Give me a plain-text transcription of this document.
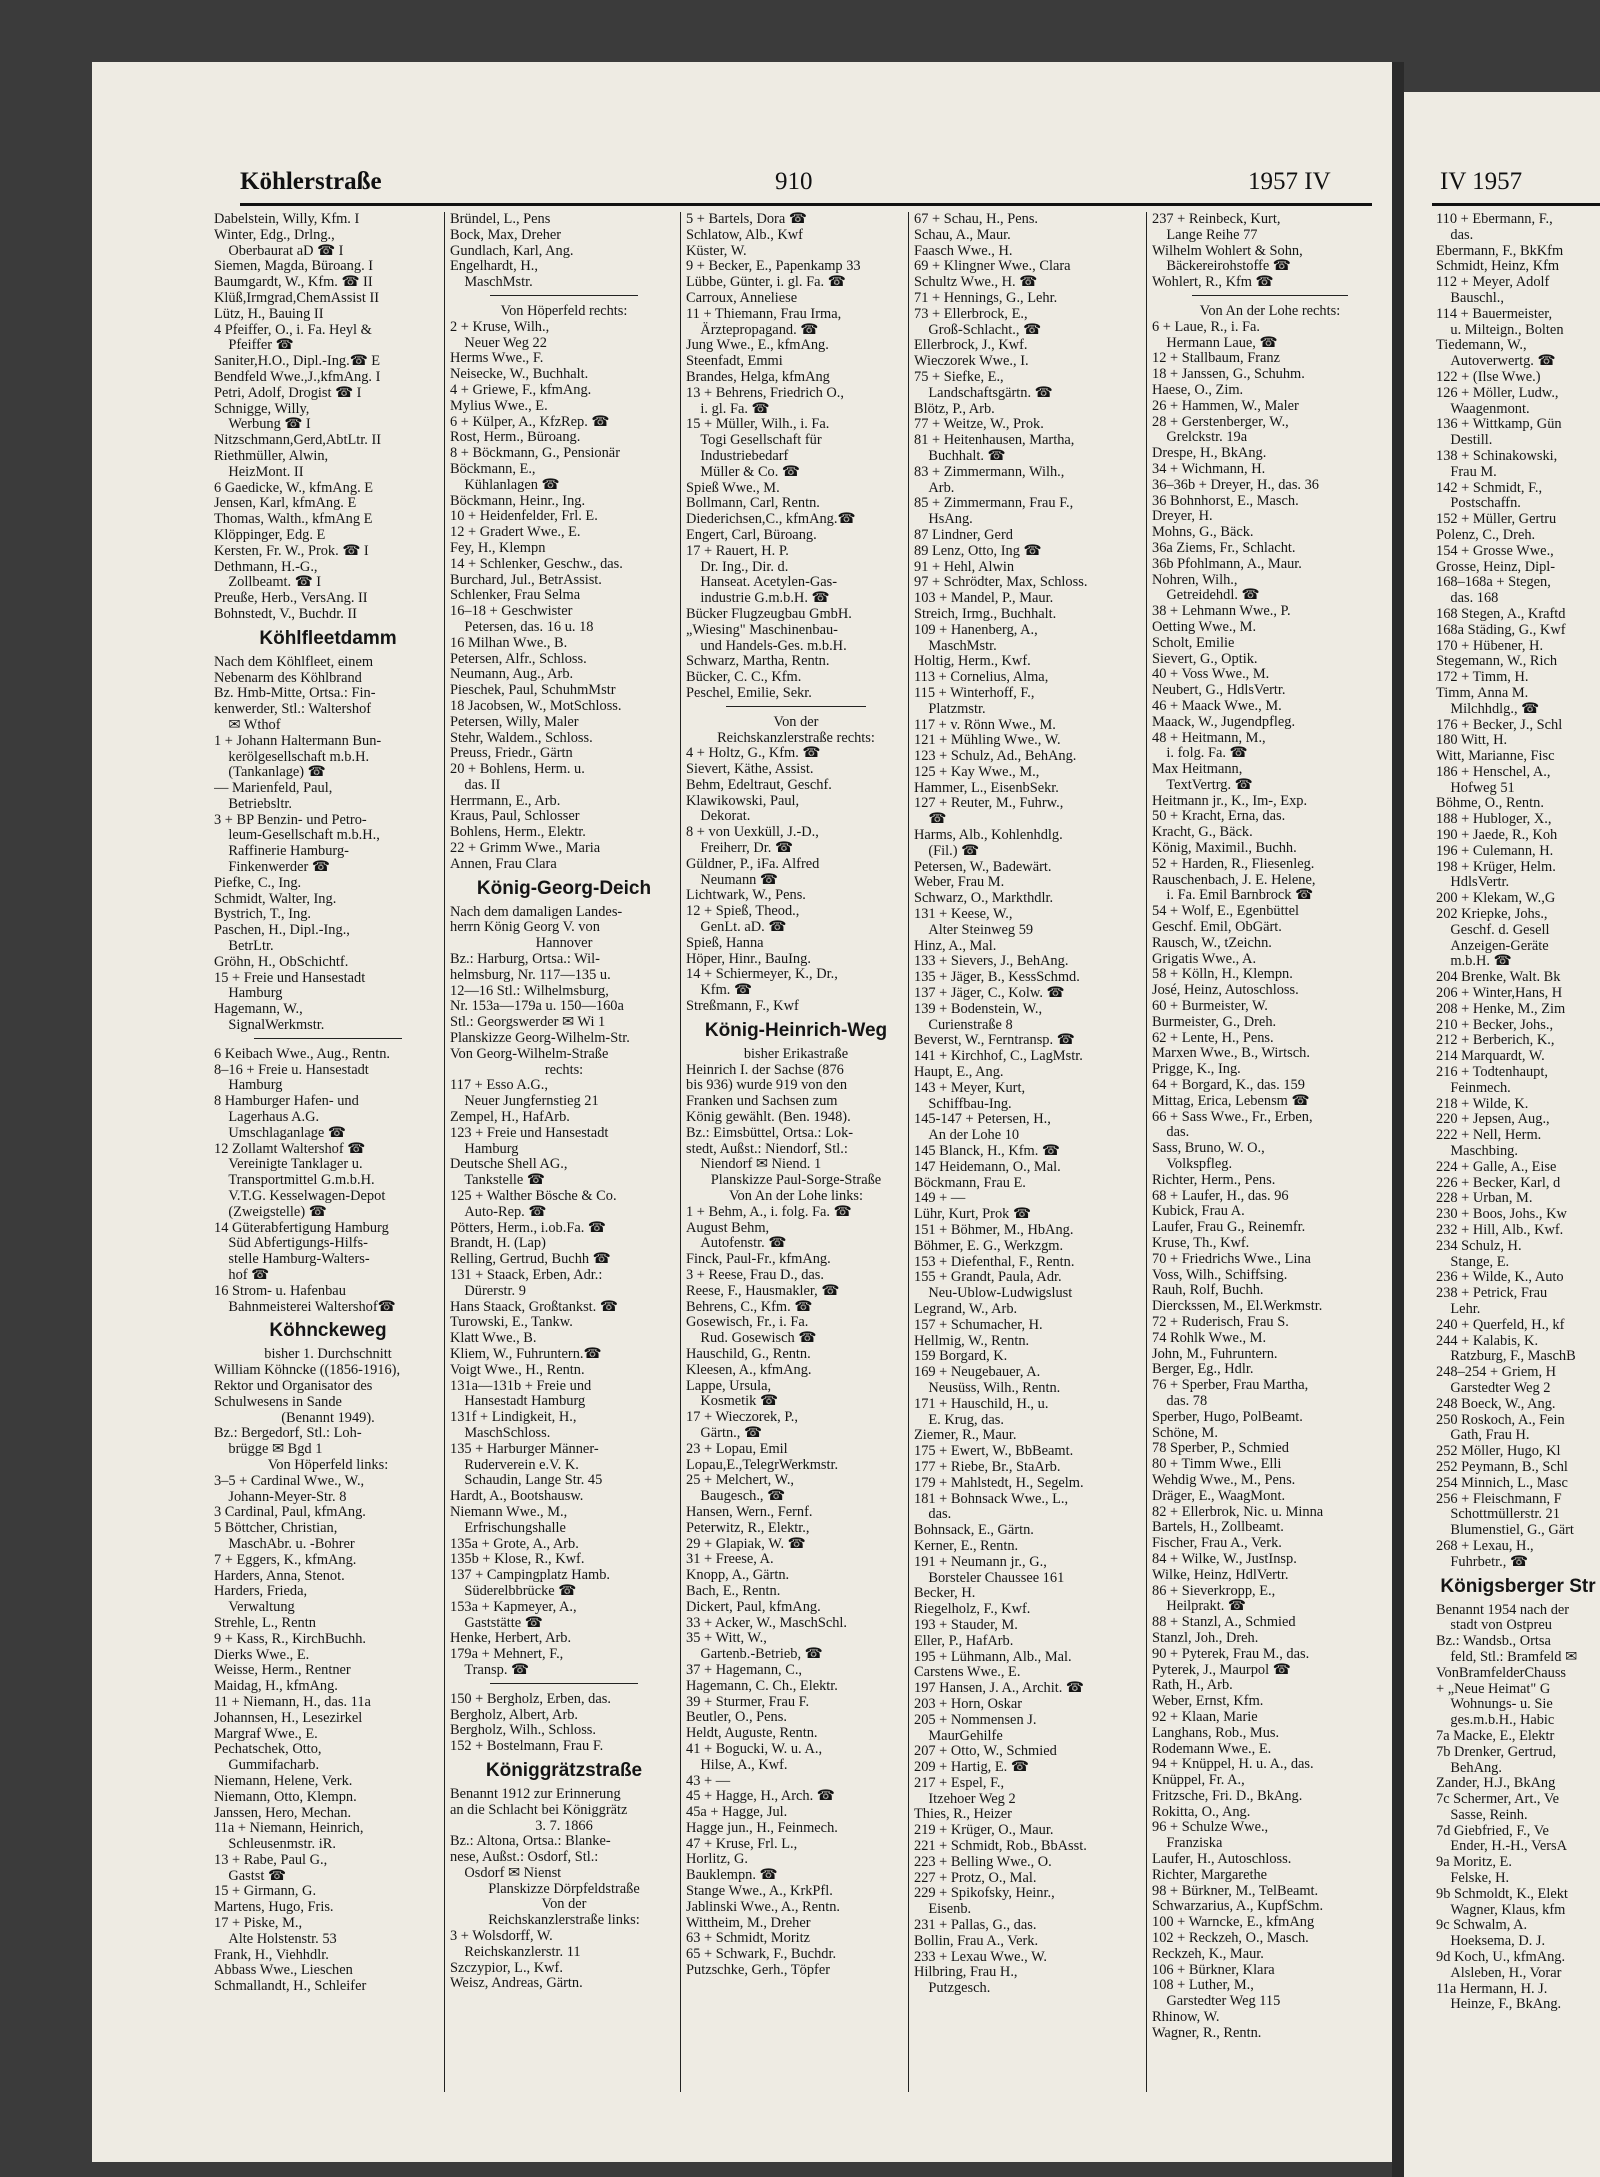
Köhlerstraße	910	1957 IV	IV 1957
Dabelstein, Willy, Kfm. I
Winter, Edg., Drlng.,
 Oberbaurat aD ☎ I
Siemen, Magda, Büroang. I
Baumgardt, W., Kfm. ☎ II
Klüß,Irmgrad,ChemAssist II
Lütz, H., Bauing II
4 Pfeiffer, O., i. Fa. Heyl &
 Pfeiffer ☎
Saniter,H.O., Dipl.-Ing.☎ E
Bendfeld Wwe.,J.,kfmAng. I
Petri, Adolf, Drogist ☎ I
Schnigge, Willy,
 Werbung ☎ I
Nitzschmann,Gerd,AbtLtr. II
Riethmüller, Alwin,
 HeizMont. II
6 Gaedicke, W., kfmAng. E
Jensen, Karl, kfmAng. E
Thomas, Walth., kfmAng E
Klöppinger, Edg. E
Kersten, Fr. W., Prok. ☎ I
Dethmann, H.-G.,
 Zollbeamt. ☎ I
Preuße, Herb., VersAng. II
Bohnstedt, V., Buchdr. II
Köhlfleetdamm
Nach dem Köhlfleet, einem
Nebenarm des Köhlbrand
Bz. Hmb-Mitte, Ortsa.: Fin-
kenwerder, Stl.: Waltershof
 ✉ Wthof
1 + Johann Haltermann Bun-
 kerölgesellschaft m.b.H.
 (Tankanlage) ☎
— Marienfeld, Paul,
 Betriebsltr.
3 + BP Benzin- und Petro-
 leum-Gesellschaft m.b.H.,
 Raffinerie Hamburg-
 Finkenwerder ☎
Piefke, C., Ing.
Schmidt, Walter, Ing.
Bystrich, T., Ing.
Paschen, H., Dipl.-Ing.,
 BetrLtr.
Gröhn, H., ObSchichtf.
15 + Freie und Hansestadt
 Hamburg
Hagemann, W.,
 SignalWerkmstr.
6 Keibach Wwe., Aug., Rentn.
8–16 + Freie u. Hansestadt
 Hamburg
8 Hamburger Hafen- und
 Lagerhaus A.G.
 Umschlaganlage ☎
12 Zollamt Waltershof ☎
 Vereinigte Tanklager u.
 Transportmittel G.m.b.H.
 V.T.G. Kesselwagen-Depot
 (Zweigstelle) ☎
14 Güterabfertigung Hamburg
 Süd Abfertigungs-Hilfs-
 stelle Hamburg-Walters-
 hof ☎
16 Strom- u. Hafenbau
 Bahnmeisterei Waltershof☎
Köhnckeweg
bisher 1. Durchschnitt
William Köhncke ((1856-1916),
Rektor und Organisator des
Schulwesens in Sande
(Benannt 1949).
Bz.: Bergedorf, Stl.: Loh-
 brügge ✉ Bgd 1
Von Höperfeld links:
3–5 + Cardinal Wwe., W.,
 Johann-Meyer-Str. 8
3 Cardinal, Paul, kfmAng.
5 Böttcher, Christian,
 MaschAbr. u. -Bohrer
7 + Eggers, K., kfmAng.
Harders, Anna, Stenot.
Harders, Frieda,
 Verwaltung
Strehle, L., Rentn
9 + Kass, R., KirchBuchh.
Dierks Wwe., E.
Weisse, Herm., Rentner
Maidag, H., kfmAng.
11 + Niemann, H., das. 11a
Johannsen, H., Lesezirkel
Margraf Wwe., E.
Pechatschek, Otto,
 Gummifacharb.
Niemann, Helene, Verk.
Niemann, Otto, Klempn.
Janssen, Hero, Mechan.
11a + Niemann, Heinrich,
 Schleusenmstr. iR.
13 + Rabe, Paul G.,
 Gastst ☎
15 + Girmann, G.
Martens, Hugo, Fris.
17 + Piske, M.,
 Alte Holstenstr. 53
Frank, H., Viehhdlr.
Abbass Wwe., Lieschen
Schmallandt, H., Schleifer
Bründel, L., Pens
Bock, Max, Dreher
Gundlach, Karl, Ang.
Engelhardt, H.,
 MaschMstr.
Von Höperfeld rechts:
2 + Kruse, Wilh.,
 Neuer Weg 22
Herms Wwe., F.
Neisecke, W., Buchhalt.
4 + Griewe, F., kfmAng.
Mylius Wwe., E.
6 + Külper, A., KfzRep. ☎
Rost, Herm., Büroang.
8 + Böckmann, G., Pensionär
Böckmann, E.,
 Kühlanlagen ☎
Böckmann, Heinr., Ing.
10 + Heidenfelder, Frl. E.
12 + Gradert Wwe., E.
Fey, H., Klempn
14 + Schlenker, Geschw., das.
Burchard, Jul., BetrAssist.
Schlenker, Frau Selma
16–18 + Geschwister
 Petersen, das. 16 u. 18
16 Milhan Wwe., B.
Petersen, Alfr., Schloss.
Neumann, Aug., Arb.
Pieschek, Paul, SchuhmMstr
18 Jacobsen, W., MotSchloss.
Petersen, Willy, Maler
Stehr, Waldem., Schloss.
Preuss, Friedr., Gärtn
20 + Bohlens, Herm. u.
 das. II
Herrmann, E., Arb.
Kraus, Paul, Schlosser
Bohlens, Herm., Elektr.
22 + Grimm Wwe., Maria
Annen, Frau Clara
König-Georg-Deich
Nach dem damaligen Landes-
herrn König Georg V. von
Hannover
Bz.: Harburg, Ortsa.: Wil-
helmsburg, Nr. 117—135 u.
12—16 Stl.: Wilhelmsburg,
Nr. 153a—179a u. 150—160a
Stl.: Georgswerder ✉ Wi 1
Planskizze Georg-Wilhelm-Str.
Von Georg-Wilhelm-Straße
rechts:
117 + Esso A.G.,
 Neuer Jungfernstieg 21
Zempel, H., HafArb.
123 + Freie und Hansestadt
 Hamburg
Deutsche Shell AG.,
 Tankstelle ☎
125 + Walther Bösche & Co.
 Auto-Rep. ☎
Pötters, Herm., i.ob.Fa. ☎
Brandt, H. (Lap)
Relling, Gertrud, Buchh ☎
131 + Staack, Erben, Adr.:
 Dürerstr. 9
Hans Staack, Großtankst. ☎
Turowski, E., Tankw.
Klatt Wwe., B.
Kliem, W., Fuhruntern.☎
Voigt Wwe., H., Rentn.
131a—131b + Freie und
 Hansestadt Hamburg
131f + Lindigkeit, H.,
 MaschSchloss.
135 + Harburger Männer-
 Ruderverein e.V. K.
 Schaudin, Lange Str. 45
Hardt, A., Bootshausw.
Niemann Wwe., M.,
 Erfrischungshalle
135a + Grote, A., Arb.
135b + Klose, R., Kwf.
137 + Campingplatz Hamb.
 Süderelbbrücke ☎
153a + Kapmeyer, A.,
 Gaststätte ☎
Henke, Herbert, Arb.
179a + Mehnert, F.,
 Transp. ☎
150 + Bergholz, Erben, das.
Bergholz, Albert, Arb.
Bergholz, Wilh., Schloss.
152 + Bostelmann, Frau F.
Königgrätzstraße
Benannt 1912 zur Erinnerung
an die Schlacht bei Königgrätz
3. 7. 1866
Bz.: Altona, Ortsa.: Blanke-
nese, Außst.: Osdorf, Stl.:
 Osdorf ✉ Nienst
Planskizze Dörpfeldstraße
Von der
Reichskanzlerstraße links:
3 + Wolsdorff, W.
 Reichskanzlerstr. 11
Szczypior, L., Kwf.
Weisz, Andreas, Gärtn.
5 + Bartels, Dora ☎
Schlatow, Alb., Kwf
Küster, W.
9 + Becker, E., Papenkamp 33
Lübbe, Günter, i. gl. Fa. ☎
Carroux, Anneliese
11 + Thiemann, Frau Irma,
 Ärztepropagand. ☎
Jung Wwe., E., kfmAng.
Steenfadt, Emmi
Brandes, Helga, kfmAng
13 + Behrens, Friedrich O.,
 i. gl. Fa. ☎
15 + Müller, Wilh., i. Fa.
 Togi Gesellschaft für
 Industriebedarf
 Müller & Co. ☎
Spieß Wwe., M.
Bollmann, Carl, Rentn.
Diederichsen,C., kfmAng.☎
Engert, Carl, Büroang.
17 + Rauert, H. P.
 Dr. Ing., Dir. d.
 Hanseat. Acetylen-Gas-
 industrie G.m.b.H. ☎
Bücker Flugzeugbau GmbH.
„Wiesing" Maschinenbau-
 und Handels-Ges. m.b.H.
Schwarz, Martha, Rentn.
Bücker, C. C., Kfm.
Peschel, Emilie, Sekr.
Von der
Reichskanzlerstraße rechts:
4 + Holtz, G., Kfm. ☎
Sievert, Käthe, Assist.
Behm, Edeltraut, Geschf.
Klawikowski, Paul,
 Dekorat.
8 + von Uexküll, J.-D.,
 Freiherr, Dr. ☎
Güldner, P., iFa. Alfred
 Neumann ☎
Lichtwark, W., Pens.
12 + Spieß, Theod.,
 GenLt. aD. ☎
Spieß, Hanna
Höper, Hinr., BauIng.
14 + Schiermeyer, K., Dr.,
 Kfm. ☎
Streßmann, F., Kwf
König-Heinrich-Weg
bisher Erikastraße
Heinrich I. der Sachse (876
bis 936) wurde 919 von den
Franken und Sachsen zum
König gewählt. (Ben. 1948).
Bz.: Eimsbüttel, Ortsa.: Lok-
stedt, Außst.: Niendorf, Stl.:
 Niendorf ✉ Niend. 1
Planskizze Paul-Sorge-Straße
Von An der Lohe links:
1 + Behm, A., i. folg. Fa. ☎
August Behm,
 Autofenstr. ☎
Finck, Paul-Fr., kfmAng.
3 + Reese, Frau D., das.
Reese, F., Hausmakler, ☎
Behrens, C., Kfm. ☎
Gosewisch, Fr., i. Fa.
 Rud. Gosewisch ☎
Hauschild, G., Rentn.
Kleesen, A., kfmAng.
Lappe, Ursula,
 Kosmetik ☎
17 + Wieczorek, P.,
 Gärtn., ☎
23 + Lopau, Emil
Lopau,E.,TelegrWerkmstr.
25 + Melchert, W.,
 Baugesch., ☎
Hansen, Wern., Fernf.
Peterwitz, R., Elektr.,
29 + Glapiak, W. ☎
31 + Freese, A.
Knopp, A., Gärtn.
Bach, E., Rentn.
Dickert, Paul, kfmAng.
33 + Acker, W., MaschSchl.
35 + Witt, W.,
 Gartenb.-Betrieb, ☎
37 + Hagemann, C.,
Hagemann, C. Ch., Elektr.
39 + Sturmer, Frau F.
Beutler, O., Pens.
Heldt, Auguste, Rentn.
41 + Bogucki, W. u. A.,
 Hilse, A., Kwf.
43 + —
45 + Hagge, H., Arch. ☎
45a + Hagge, Jul.
Hagge jun., H., Feinmech.
47 + Kruse, Frl. L.,
Horlitz, G.
Bauklempn. ☎
Stange Wwe., A., KrkPfl.
Jablinski Wwe., A., Rentn.
Wittheim, M., Dreher
63 + Schmidt, Moritz
65 + Schwark, F., Buchdr.
Putzschke, Gerh., Töpfer
67 + Schau, H., Pens.
Schau, A., Maur.
Faasch Wwe., H.
69 + Klingner Wwe., Clara
Schultz Wwe., H. ☎
71 + Hennings, G., Lehr.
73 + Ellerbrock, E.,
 Groß-Schlacht., ☎
Ellerbrock, J., Kwf.
Wieczorek Wwe., I.
75 + Siefke, E.,
 Landschaftsgärtn. ☎
Blötz, P., Arb.
77 + Weitze, W., Prok.
81 + Heitenhausen, Martha,
 Buchhalt. ☎
83 + Zimmermann, Wilh.,
 Arb.
85 + Zimmermann, Frau F.,
 HsAng.
87 Lindner, Gerd
89 Lenz, Otto, Ing ☎
91 + Hehl, Alwin
97 + Schrödter, Max, Schloss.
103 + Mandel, P., Maur.
Streich, Irmg., Buchhalt.
109 + Hanenberg, A.,
 MaschMstr.
Holtig, Herm., Kwf.
113 + Cornelius, Alma,
115 + Winterhoff, F.,
 Platzmstr.
117 + v. Rönn Wwe., M.
121 + Mühling Wwe., W.
123 + Schulz, Ad., BehAng.
125 + Kay Wwe., M.,
Hammer, L., EisenbSekr.
127 + Reuter, M., Fuhrw.,
 ☎
Harms, Alb., Kohlenhdlg.
 (Fil.) ☎
Petersen, W., Badewärt.
Weber, Frau M.
Schwarz, O., Markthdlr.
131 + Keese, W.,
 Alter Steinweg 59
Hinz, A., Mal.
133 + Sievers, J., BehAng.
135 + Jäger, B., KessSchmd.
137 + Jäger, C., Kolw. ☎
139 + Bodenstein, W.,
 Curienstraße 8
Beverst, W., Ferntransp. ☎
141 + Kirchhof, C., LagMstr.
Haupt, E., Ang.
143 + Meyer, Kurt,
 Schiffbau-Ing.
145-147 + Petersen, H.,
 An der Lohe 10
145 Blanck, H., Kfm. ☎
147 Heidemann, O., Mal.
Böckmann, Frau E.
149 + —
Lühr, Kurt, Prok ☎
151 + Böhmer, M., HbAng.
Böhmer, E. G., Werkzgm.
153 + Diefenthal, F., Rentn.
155 + Grandt, Paula, Adr.
 Neu-Ublow-Ludwigslust
Legrand, W., Arb.
157 + Schumacher, H.
Hellmig, W., Rentn.
159 Borgard, K.
169 + Neugebauer, A.
 Neusüss, Wilh., Rentn.
171 + Hauschild, H., u.
 E. Krug, das.
Ziemer, R., Maur.
175 + Ewert, W., BbBeamt.
177 + Riebe, Br., StaArb.
179 + Mahlstedt, H., Segelm.
181 + Bohnsack Wwe., L.,
 das.
Bohnsack, E., Gärtn.
Kerner, E., Rentn.
191 + Neumann jr., G.,
 Borsteler Chaussee 161
Becker, H.
Riegelholz, F., Kwf.
193 + Stauder, M.
Eller, P., HafArb.
195 + Lühmann, Alb., Mal.
Carstens Wwe., E.
197 Hansen, J. A., Archit. ☎
203 + Horn, Oskar
205 + Nommensen J.
 MaurGehilfe
207 + Otto, W., Schmied
209 + Hartig, E. ☎
217 + Espel, F.,
 Itzehoer Weg 2
Thies, R., Heizer
219 + Krüger, O., Maur.
221 + Schmidt, Rob., BbAsst.
223 + Belling Wwe., O.
227 + Protz, O., Mal.
229 + Spikofsky, Heinr.,
 Eisenb.
231 + Pallas, G., das.
Bollin, Frau A., Verk.
233 + Lexau Wwe., W.
Hilbring, Frau H.,
 Putzgesch.
237 + Reinbeck, Kurt,
 Lange Reihe 77
Wilhelm Wohlert & Sohn,
 Bäckereirohstoffe ☎
Wohlert, R., Kfm ☎
Von An der Lohe rechts:
6 + Laue, R., i. Fa.
 Hermann Laue, ☎
12 + Stallbaum, Franz
18 + Janssen, G., Schuhm.
Haese, O., Zim.
26 + Hammen, W., Maler
28 + Gerstenberger, W.,
 Grelckstr. 19a
Drespe, H., BkAng.
34 + Wichmann, H.
36–36b + Dreyer, H., das. 36
36 Bohnhorst, E., Masch.
Dreyer, H.
Mohns, G., Bäck.
36a Ziems, Fr., Schlacht.
36b Pfohlmann, A., Maur.
Nohren, Wilh.,
 Getreidehdl. ☎
38 + Lehmann Wwe., P.
Oetting Wwe., M.
Scholt, Emilie
Sievert, G., Optik.
40 + Voss Wwe., M.
Neubert, G., HdlsVertr.
46 + Maack Wwe., M.
Maack, W., Jugendpfleg.
48 + Heitmann, M.,
 i. folg. Fa. ☎
Max Heitmann,
 TextVertrg. ☎
Heitmann jr., K., Im-, Exp.
50 + Kracht, Erna, das.
Kracht, G., Bäck.
König, Maximil., Buchh.
52 + Harden, R., Fliesenleg.
Rauschenbach, J. E. Helene,
 i. Fa. Emil Barnbrock ☎
54 + Wolf, E., Egenbüttel
Geschf. Emil, ObGärt.
Rausch, W., tZeichn.
Grigatis Wwe., A.
58 + Kölln, H., Klempn.
José, Heinz, Autoschloss.
60 + Burmeister, W.
Burmeister, G., Dreh.
62 + Lente, H., Pens.
Marxen Wwe., B., Wirtsch.
Prigge, K., Ing.
64 + Borgard, K., das. 159
Mittag, Erica, Lebensm ☎
66 + Sass Wwe., Fr., Erben,
 das.
Sass, Bruno, W. O.,
 Volkspfleg.
Richter, Herm., Pens.
68 + Laufer, H., das. 96
Kubick, Frau A.
Laufer, Frau G., Reinemfr.
Kruse, Th., Kwf.
70 + Friedrichs Wwe., Lina
Voss, Wilh., Schiffsing.
Rauh, Rolf, Buchh.
Dierckssen, M., El.Werkmstr.
72 + Ruderisch, Frau S.
74 Rohlk Wwe., M.
John, M., Fuhruntern.
Berger, Eg., Hdlr.
76 + Sperber, Frau Martha,
 das. 78
Sperber, Hugo, PolBeamt.
Schöne, M.
78 Sperber, P., Schmied
80 + Timm Wwe., Elli
Wehdig Wwe., M., Pens.
Dräger, E., WaagMont.
82 + Ellerbrok, Nic. u. Minna
Bartels, H., Zollbeamt.
Fischer, Frau A., Verk.
84 + Wilke, W., JustInsp.
Wilke, Heinz, HdlVertr.
86 + Sieverkropp, E.,
 Heilprakt. ☎
88 + Stanzl, A., Schmied
Stanzl, Joh., Dreh.
90 + Pyterek, Frau M., das.
Pyterek, J., Maurpol ☎
Rath, H., Arb.
Weber, Ernst, Kfm.
92 + Klaan, Marie
Langhans, Rob., Mus.
Rodemann Wwe., E.
94 + Knüppel, H. u. A., das.
Knüppel, Fr. A.,
Fritzsche, Fri. D., BkAng.
Rokitta, O., Ang.
96 + Schulze Wwe.,
 Franziska
Laufer, H., Autoschloss.
Richter, Margarethe
98 + Bürkner, M., TelBeamt.
Schwarzarius, A., KupfSchm.
100 + Warncke, E., kfmAng
102 + Reckzeh, O., Masch.
Reckzeh, K., Maur.
106 + Bürkner, Klara
108 + Luther, M.,
 Garstedter Weg 115
Rhinow, W.
Wagner, R., Rentn.
110 + Ebermann, F.,
 das.
Ebermann, F., BkKfm
Schmidt, Heinz, Kfm
112 + Meyer, Adolf
 Bauschl.,
114 + Bauermeister,
 u. Milteign., Bolten
Tiedemann, W.,
 Autoverwertg. ☎
122 + (Ilse Wwe.)
126 + Möller, Ludw.,
 Waagenmont.
136 + Wittkamp, Gün
 Destill.
138 + Schinakowski,
 Frau M.
142 + Schmidt, F.,
 Postschaffn.
152 + Müller, Gertru
Polenz, C., Dreh.
154 + Grosse Wwe.,
Grosse, Heinz, Dipl-
168–168a + Stegen,
 das. 168
168 Stegen, A., Kraftd
168a Städing, G., Kwf
170 + Hübener, H.
Stegemann, W., Rich
172 + Timm, H.
Timm, Anna M.
 Milchhdlg., ☎
176 + Becker, J., Schl
180 Witt, H.
Witt, Marianne, Fisc
186 + Henschel, A.,
 Hofweg 51
Böhme, O., Rentn.
188 + Hubloger, X.,
190 + Jaede, R., Koh
196 + Culemann, H.
198 + Krüger, Helm.
 HdlsVertr.
200 + Klekam, W.,G
202 Kriepke, Johs.,
 Geschf. d. Gesell
 Anzeigen-Geräte
 m.b.H. ☎
204 Brenke, Walt. Bk
206 + Winter,Hans, H
208 + Henke, M., Zim
210 + Becker, Johs.,
212 + Berberich, K.,
214 Marquardt, W.
216 + Todtenhaupt,
 Feinmech.
218 + Wilde, K.
220 + Jepsen, Aug.,
222 + Nell, Herm.
 Maschbing.
224 + Galle, A., Eise
226 + Becker, Karl, d
228 + Urban, M.
230 + Boos, Johs., Kw
232 + Hill, Alb., Kwf.
234 Schulz, H.
 Stange, E.
236 + Wilde, K., Auto
238 + Petrick, Frau
 Lehr.
240 + Querfeld, H., kf
244 + Kalabis, K.
 Ratzburg, F., MaschB
248–254 + Griem, H
 Garstedter Weg 2
248 Boeck, W., Ang.
250 Roskoch, A., Fein
 Gath, Frau H.
252 Möller, Hugo, Kl
252 Peymann, B., Schl
254 Minnich, L., Masc
256 + Fleischmann, F
 Schottmüllerstr. 21
 Blumenstiel, G., Gärt
268 + Lexau, H.,
 Fuhrbetr., ☎
Königsberger Str
Benannt 1954 nach der
 stadt von Ostpreu
Bz.: Wandsb., Ortsa
 feld, Stl.: Bramfeld ✉
VonBramfelderChauss
+ „Neue Heimat" G
 Wohnungs- u. Sie
 ges.m.b.H., Habic
7a Macke, E., Elektr
7b Drenker, Gertrud,
 BehAng.
Zander, H.J., BkAng
7c Schermer, Art., Ve
 Sasse, Reinh.
7d Giebfried, F., Ve
 Ender, H.-H., VersA
9a Moritz, E.
 Felske, H.
9b Schmoldt, K., Elekt
 Wagner, Klaus, kfm
9c Schwalm, A.
 Hoeksema, D. J.
9d Koch, U., kfmAng.
 Alsleben, H., Vorar
11a Hermann, H. J.
 Heinze, F., BkAng.
